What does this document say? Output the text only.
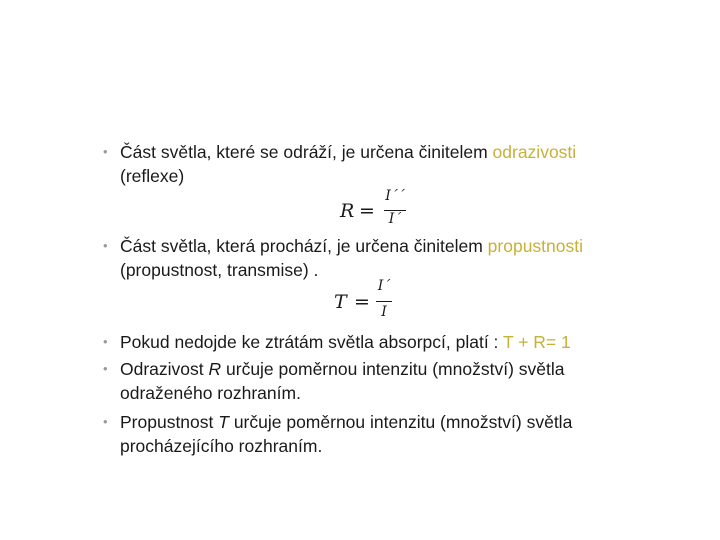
• Část světla, které se odráží, je určena činitelem odrazivosti
(reflexe)
R =
I´´
I´
• Část světla, která prochází, je určena činitelem propustnosti
(propustnost, transmise) .
T =
I´
I
• Pokud nedojde ke ztrátám světla absorpcí, platí : T + R= 1
• Odrazivost R určuje poměrnou intenzitu (množství) světla
odraženého rozhraním.
• Propustnost T určuje poměrnou intenzitu (množství) světla
procházejícího rozhraním.
